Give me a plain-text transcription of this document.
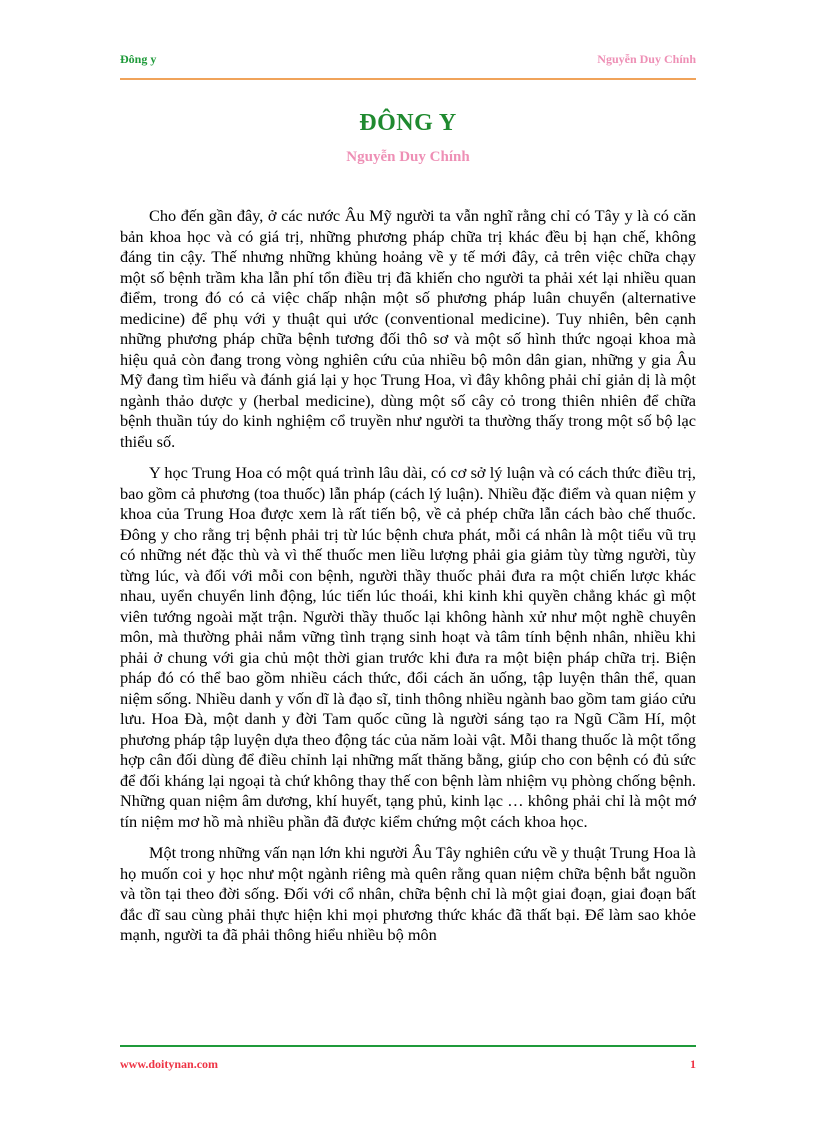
Đông y	Nguyễn Duy Chính
ĐÔNG Y
Nguyễn Duy Chính

Cho đến gần đây, ở các nước Âu Mỹ người ta vẫn nghĩ rằng chỉ có Tây y là có căn bản khoa học và có giá trị, những phương pháp chữa trị khác đều bị hạn chế, không đáng tin cậy. Thế nhưng những khủng hoảng về y tế mới đây, cả trên việc chữa chạy một số bệnh trầm kha lẫn phí tổn điều trị đã khiến cho người ta phải xét lại nhiều quan điểm, trong đó có cả việc chấp nhận một số phương pháp luân chuyển (alternative medicine) để phụ với y thuật qui ước (conventional medicine). Tuy nhiên, bên cạnh những phương pháp chữa bệnh tương đối thô sơ và một số hình thức ngoại khoa mà hiệu quả còn đang trong vòng nghiên cứu của nhiều bộ môn dân gian, những y gia Âu Mỹ đang tìm hiểu và đánh giá lại y học Trung Hoa, vì đây không phải chỉ giản dị là một ngành thảo dược y (herbal medicine), dùng một số cây cỏ trong thiên nhiên để chữa bệnh thuần túy do kinh nghiệm cổ truyền như người ta thường thấy trong một số bộ lạc thiểu số.

Y học Trung Hoa có một quá trình lâu dài, có cơ sở lý luận và có cách thức điều trị, bao gồm cả phương (toa thuốc) lẫn pháp (cách lý luận). Nhiều đặc điểm và quan niệm y khoa của Trung Hoa được xem là rất tiến bộ, về cả phép chữa lẫn cách bào chế thuốc. Đông y cho rằng trị bệnh phải trị từ lúc bệnh chưa phát, mỗi cá nhân là một tiểu vũ trụ có những nét đặc thù và vì thế thuốc men liều lượng phải gia giảm tùy từng người, tùy từng lúc, và đối với mỗi con bệnh, người thầy thuốc phải đưa ra một chiến lược khác nhau, uyển chuyển linh động, lúc tiến lúc thoái, khi kinh khi quyền chẳng khác gì một viên tướng ngoài mặt trận. Người thầy thuốc lại không hành xử như một nghề chuyên môn, mà thường phải nắm vững tình trạng sinh hoạt và tâm tính bệnh nhân, nhiều khi phải ở chung với gia chủ một thời gian trước khi đưa ra một biện pháp chữa trị. Biện pháp đó có thể bao gồm nhiều cách thức, đổi cách ăn uống, tập luyện thân thể, quan niệm sống. Nhiều danh y vốn dĩ là đạo sĩ, tinh thông nhiều ngành bao gồm tam giáo cửu lưu. Hoa Đà, một danh y đời Tam quốc cũng là người sáng tạo ra Ngũ Cầm Hí, một phương pháp tập luyện dựa theo động tác của năm loài vật. Mỗi thang thuốc là một tổng hợp cân đối dùng để điều chỉnh lại những mất thăng bằng, giúp cho con bệnh có đủ sức để đối kháng lại ngoại tà chứ không thay thế con bệnh làm nhiệm vụ phòng chống bệnh. Những quan niệm âm dương, khí huyết, tạng phủ, kinh lạc … không phải chỉ là một mớ tín niệm mơ hồ mà nhiều phần đã được kiểm chứng một cách khoa học.

Một trong những vấn nạn lớn khi người Âu Tây nghiên cứu về y thuật Trung Hoa là họ muốn coi y học như một ngành riêng mà quên rằng quan niệm chữa bệnh bắt nguồn và tồn tại theo đời sống. Đối với cổ nhân, chữa bệnh chỉ là một giai đoạn, giai đoạn bất đắc dĩ sau cùng phải thực hiện khi mọi phương thức khác đã thất bại. Để làm sao khỏe mạnh, người ta đã phải thông hiểu nhiều bộ môn

www.doitynan.com	1
